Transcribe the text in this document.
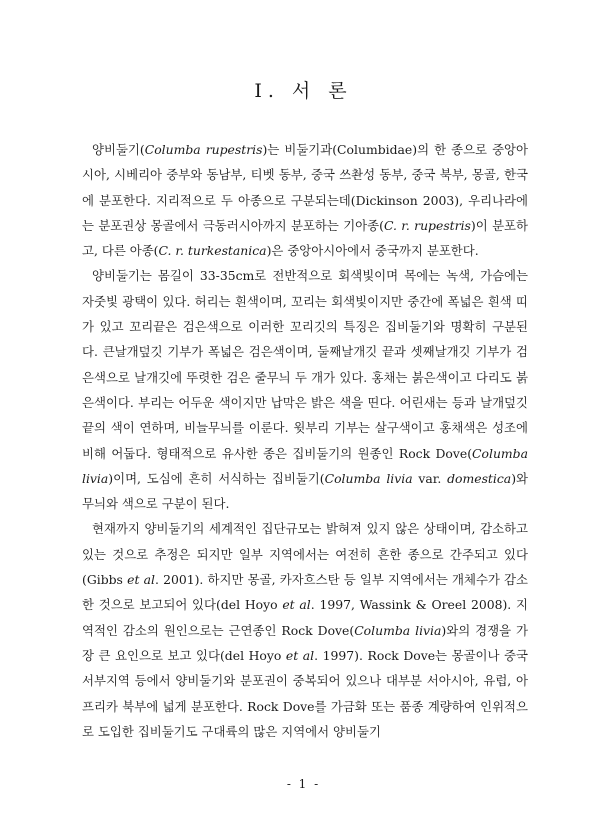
Ⅰ. 서 론

양비둘기(Columba rupestris)는 비둘기과(Columbidae)의 한 종으로 중앙아시아, 시베리아 중부와 동남부, 티벳 동부, 중국 쓰촨성 동부, 중국 북부, 몽골, 한국에 분포한다. 지리적으로 두 아종으로 구분되는데(Dickinson 2003), 우리나라에는 분포권상 몽골에서 극동러시아까지 분포하는 기아종(C. r. rupestris)이 분포하고, 다른 아종(C. r. turkestanica)은 중앙아시아에서 중국까지 분포한다.

양비둘기는 몸길이 33-35cm로 전반적으로 회색빛이며 목에는 녹색, 가슴에는 자줏빛 광택이 있다. 허리는 흰색이며, 꼬리는 회색빛이지만 중간에 폭넓은 흰색 띠가 있고 꼬리끝은 검은색으로 이러한 꼬리깃의 특징은 집비둘기와 명확히 구분된다. 큰날개덮깃 기부가 폭넓은 검은색이며, 둘째날개깃 끝과 셋째날개깃 기부가 검은색으로 날개깃에 뚜렷한 검은 줄무늬 두 개가 있다. 홍채는 붉은색이고 다리도 붉은색이다. 부리는 어두운 색이지만 납막은 밝은 색을 띤다. 어린새는 등과 날개덮깃 끝의 색이 연하며, 비늘무늬를 이룬다. 윗부리 기부는 살구색이고 홍채색은 성조에 비해 어둡다. 형태적으로 유사한 종은 집비둘기의 원종인 Rock Dove(Columba livia)이며, 도심에 흔히 서식하는 집비둘기(Columba livia var. domestica)와 무늬와 색으로 구분이 된다.

현재까지 양비둘기의 세계적인 집단규모는 밝혀져 있지 않은 상태이며, 감소하고 있는 것으로 추정은 되지만 일부 지역에서는 여전히 흔한 종으로 간주되고 있다(Gibbs et al. 2001). 하지만 몽골, 카자흐스탄 등 일부 지역에서는 개체수가 감소한 것으로 보고되어 있다(del Hoyo et al. 1997, Wassink & Oreel 2008). 지역적인 감소의 원인으로는 근연종인 Rock Dove(Columba livia)와의 경쟁을 가장 큰 요인으로 보고 있다(del Hoyo et al. 1997). Rock Dove는 몽골이나 중국 서부지역 등에서 양비둘기와 분포권이 중복되어 있으나 대부분 서아시아, 유럽, 아프리카 북부에 넓게 분포한다. Rock Dove를 가금화 또는 품종 계량하여 인위적으로 도입한 집비둘기도 구대륙의 많은 지역에서 양비둘기

- 1 -
